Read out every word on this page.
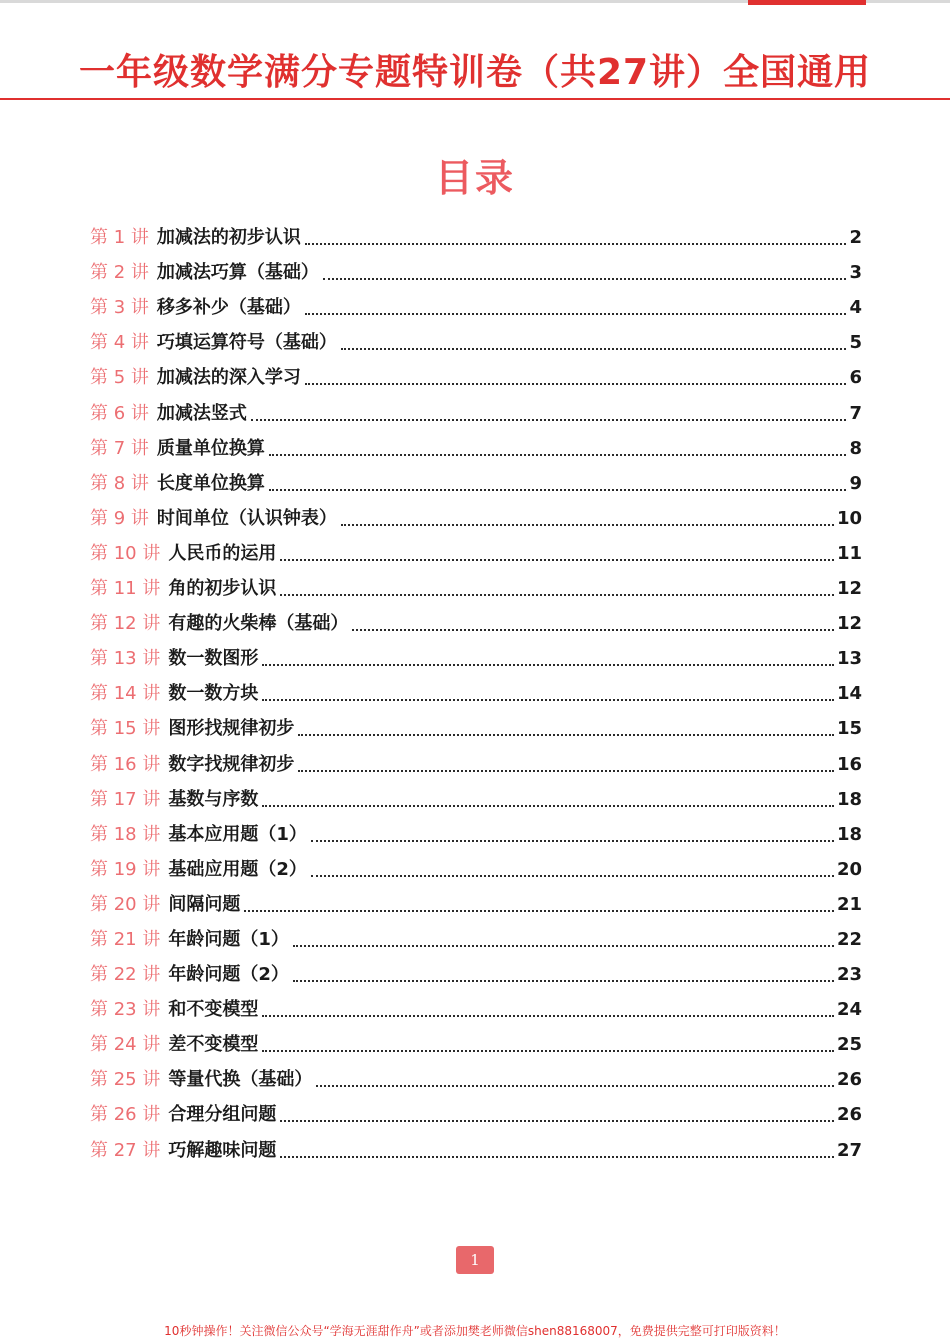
一年级数学满分专题特训卷（共27讲）全国通用
目录
第 1 讲 加减法的初步认识	2
第 2 讲 加减法巧算（基础）	3
第 3 讲 移多补少（基础）	4
第 4 讲 巧填运算符号（基础）	5
第 5 讲 加减法的深入学习	6
第 6 讲 加减法竖式	7
第 7 讲 质量单位换算	8
第 8 讲 长度单位换算	9
第 9 讲 时间单位（认识钟表）	10
第 10 讲 人民币的运用	11
第 11 讲 角的初步认识	12
第 12 讲 有趣的火柴棒（基础）	12
第 13 讲 数一数图形	13
第 14 讲 数一数方块	14
第 15 讲 图形找规律初步	15
第 16 讲 数字找规律初步	16
第 17 讲 基数与序数	18
第 18 讲 基本应用题（1）	18
第 19 讲 基础应用题（2）	20
第 20 讲 间隔问题	21
第 21 讲 年龄问题（1）	22
第 22 讲 年龄问题（2）	23
第 23 讲 和不变模型	24
第 24 讲 差不变模型	25
第 25 讲 等量代换（基础）	26
第 26 讲 合理分组问题	26
第 27 讲 巧解趣味问题	27
1
10秒钟操作！关注微信公众号“学海无涯甜作舟”或者添加樊老师微信shen88168007，免费提供完整可打印版资料！
